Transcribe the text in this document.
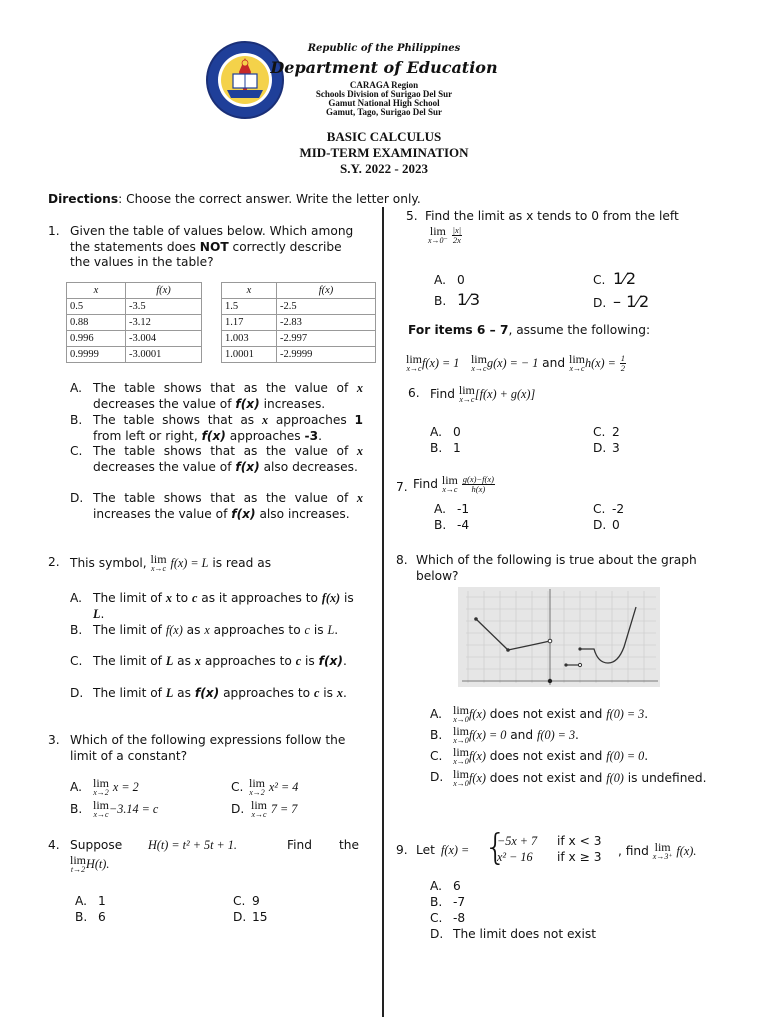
Republic of the Philippines
Department of Education
CARAGA Region
Schools Division of Surigao Del Sur
Gamut National High School
Gamut, Tago, Surigao Del Sur
BASIC CALCULUS
MID-TERM EXAMINATION
S.Y. 2022 - 2023
Directions: Choose the correct answer. Write the letter only.
1. Given the table of values below. Which among the statements does NOT correctly describe the values in the table?
x	f(x)
0.5	-3.5
0.88	-3.12
0.996	-3.004
0.9999	-3.0001
x	f(x)
1.5	-2.5
1.17	-2.83
1.003	-2.997
1.0001	-2.9999
A. The table shows that as the value of x decreases the value of f(x) increases.
B. The table shows that as x approaches 1 from left or right, f(x) approaches -3.
C. The table shows that as the value of x decreases the value of f(x) also decreases.
D. The table shows that as the value of x increases the value of f(x) also increases.
2. This symbol, lim
x→c f(x) = L is read as
A. The limit of x to c as it approaches to f(x) is L.
B. The limit of f(x) as x approaches to c is L.
C. The limit of L as x approaches to c is f(x).
D. The limit of L as f(x) approaches to c is x.
3. Which of the following expressions follow the limit of a constant?
A. lim
x→2 x = 2
B. lim
x→c −3.14 = c
C. lim
x→2 x² = 4
D. lim
x→c 7 = 7
4. Suppose H(t) = t² + 5t + 1.	Find the
lim
t→2 H(t).
A. 1
B. 6
C. 9
D. 15
5. Find the limit as x tends to 0 from the left
lim
x→0⁻
$\frac{|x|}{2x}$
A. 0
B. 1⁄3
C. 1⁄2
D. – 1⁄2
For items 6 – 7, assume the following:
lim
x→c f(x) = 1 lim
x→c g(x) = − 1 and lim
x→c $h(x) = \frac{1}{2}$
6. Find lim
x→c [f(x) + g(x)]
A. 0
B. 1
C. 2
D. 3
7. Find lim
x→c
$\frac{g(x)-f(x)}{h(x)}$
A. -1
B. -4
C. -2
D. 0
8. Which of the following is true about the graph below?
A. lim
x→0 f(x) does not exist and f(0) = 3.
B. lim
x→0 f(x) = 0 and f(0) = 3.
C. lim
x→0 f(x) does not exist and f(0) = 0.
D. lim
x→0 f(x) does not exist and f(0) is undefined.
9. Let f(x) = {
−5x + 7 if x < 3
x² − 16 if x ≥ 3 , find lim
x→3⁺ f(x).
A. 6
B. -7
C. -8
D. The limit does not exist
